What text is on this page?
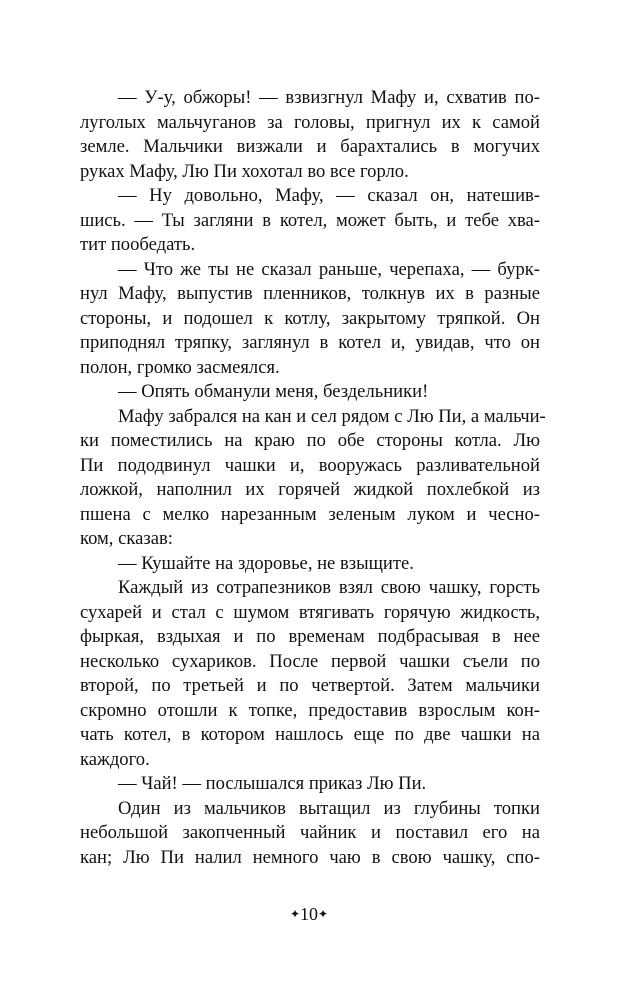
— У-у, обжоры! — взвизгнул Мафу и, схватив по-
луголых мальчуганов за головы, пригнул их к самой
земле. Мальчики визжали и барахтались в могучих
руках Мафу, Лю Пи хохотал во все горло.
— Ну довольно, Мафу, — сказал он, натешив-
шись. — Ты загляни в котел, может быть, и тебе хва-
тит пообедать.
— Что же ты не сказал раньше, черепаха, — бурк-
нул Мафу, выпустив пленников, толкнув их в разные
стороны, и подошел к котлу, закрытому тряпкой. Он
приподнял тряпку, заглянул в котел и, увидав, что он
полон, громко засмеялся.
— Опять обманули меня, бездельники!
Мафу забрался на кан и сел рядом с Лю Пи, а мальчи-
ки поместились на краю по обе стороны котла. Лю
Пи пододвинул чашки и, вооружась разливательной
ложкой, наполнил их горячей жидкой похлебкой из
пшена с мелко нарезанным зеленым луком и чесно-
ком, сказав:
— Кушайте на здоровье, не взыщите.
Каждый из сотрапезников взял свою чашку, горсть
сухарей и стал с шумом втягивать горячую жидкость,
фыркая, вздыхая и по временам подбрасывая в нее
несколько сухариков. После первой чашки съели по
второй, по третьей и по четвертой. Затем мальчики
скромно отошли к топке, предоставив взрослым кон-
чать котел, в котором нашлось еще по две чашки на
каждого.
— Чай! — послышался приказ Лю Пи.
Один из мальчиков вытащил из глубины топки
небольшой закопченный чайник и поставил его на
кан; Лю Пи налил немного чаю в свою чашку, спо-
✦10✦
